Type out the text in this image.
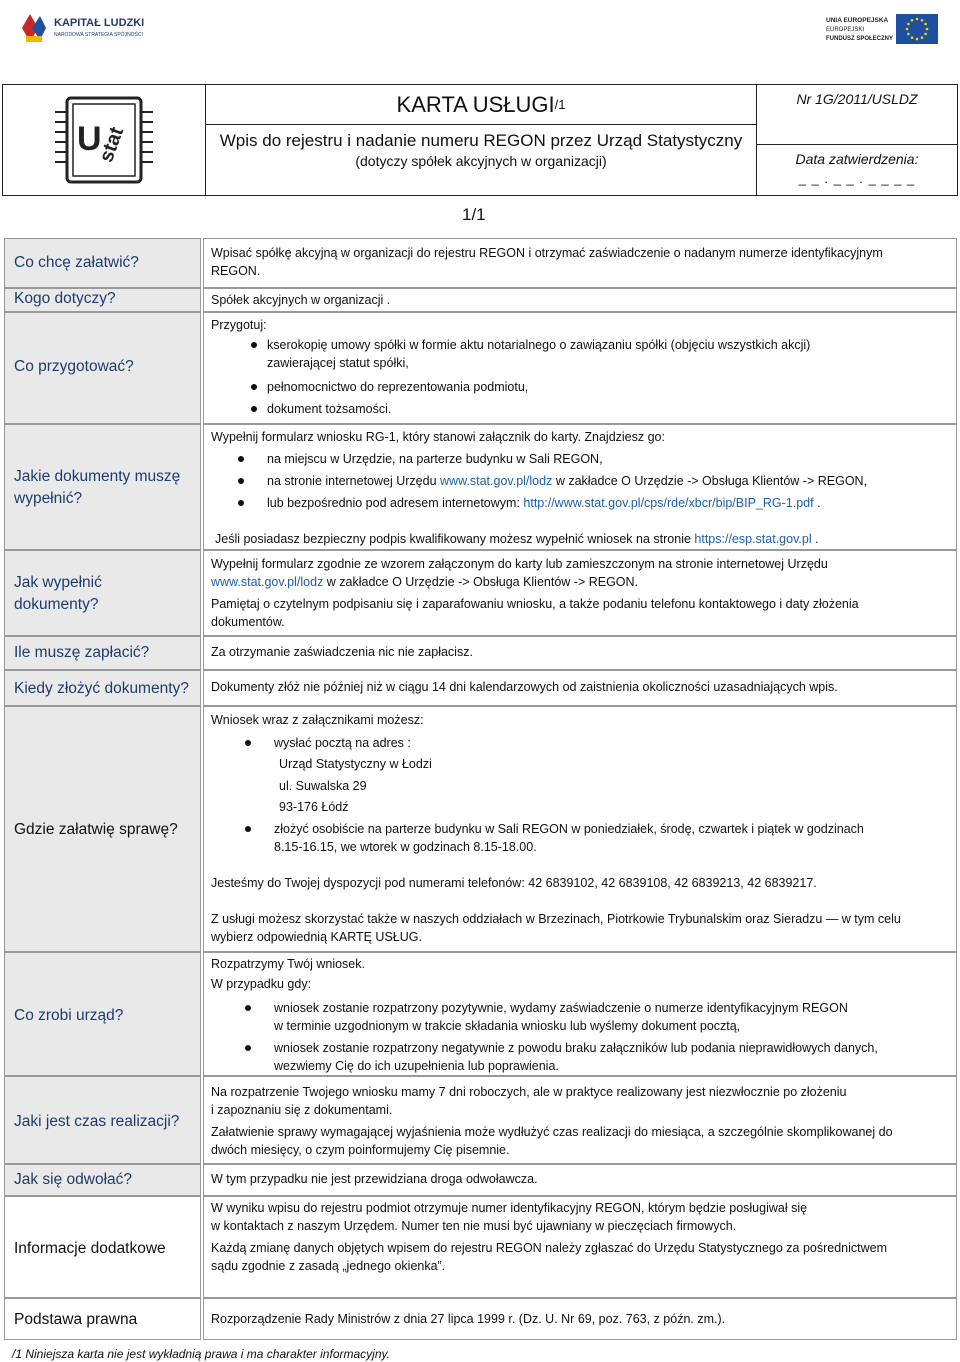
KAPITAŁ LUDZKI
NARODOWA STRATEGIA SPÓJNOŚCI
UNIA EUROPEJSKA
EUROPEJSKI
FUNDUSZ SPOŁECZNY
U
stat
KARTA USŁUGI /1
Wpis do rejestru i nadanie numeru REGON przez Urząd Statystyczny
(dotyczy spółek akcyjnych w organizacji)
Nr 1G/2011/USLDZ
Data zatwierdzenia:
_ _ . _ _ . _ _ _ _
1/1
Co chcę załatwić?
Kogo dotyczy?
Co przygotować?
Jakie dokumenty muszę
wypełnić?
Jak wypełnić
dokumenty?
Ile muszę zapłacić?
Kiedy złożyć dokumenty?
Gdzie załatwię sprawę?
Co zrobi urząd?
Jaki jest czas realizacji?
Jak się odwołać?
Informacje dodatkowe
Podstawa prawna
Wpisać spółkę akcyjną w organizacji do rejestru REGON i otrzymać zaświadczenie o nadanym numerze identyfikacyjnym
REGON.
Spółek akcyjnych w organizacji .
Przygotuj:
kserokopię umowy spółki w formie aktu notarialnego o zawiązaniu spółki (objęciu wszystkich akcji)
zawierającej statut spółki,
pełnomocnictwo do reprezentowania podmiotu,
dokument tożsamości.
Wypełnij formularz wniosku RG-1, który stanowi załącznik do karty. Znajdziesz go:
na miejscu w Urzędzie, na parterze budynku w Sali REGON,
na stronie internetowej Urzędu www.stat.gov.pl/lodz w zakładce O Urzędzie -> Obsługa Klientów -> REGON,
lub bezpośrednio pod adresem internetowym: http://www.stat.gov.pl/cps/rde/xbcr/bip/BIP_RG-1.pdf .
Jeśli posiadasz bezpieczny podpis kwalifikowany możesz wypełnić wniosek na stronie https://esp.stat.gov.pl .
Wypełnij formularz zgodnie ze wzorem załączonym do karty lub zamieszczonym na stronie internetowej Urzędu
www.stat.gov.pl/lodz w zakładce O Urzędzie -> Obsługa Klientów -> REGON.
Pamiętaj o czytelnym podpisaniu się i zaparafowaniu wniosku, a także podaniu telefonu kontaktowego i daty złożenia
dokumentów.
Za otrzymanie zaświadczenia nic nie zapłacisz.
Dokumenty złóż nie później niż w ciągu 14 dni kalendarzowych od zaistnienia okoliczności uzasadniających wpis.
Wniosek wraz z załącznikami możesz:
wysłać pocztą na adres :
Urząd Statystyczny w Łodzi
ul. Suwalska 29
93-176 Łódź
złożyć osobiście na parterze budynku w Sali REGON w poniedziałek, środę, czwartek i piątek w godzinach
8.15-16.15, we wtorek w godzinach 8.15-18.00.
Jesteśmy do Twojej dyspozycji pod numerami telefonów: 42 6839102, 42 6839108, 42 6839213, 42 6839217.
Z usługi możesz skorzystać także w naszych oddziałach w Brzezinach, Piotrkowie Trybunalskim oraz Sieradzu — w tym celu
wybierz odpowiednią KARTĘ USŁUG.
Rozpatrzymy Twój wniosek.
W przypadku gdy:
wniosek zostanie rozpatrzony pozytywnie, wydamy zaświadczenie o numerze identyfikacyjnym REGON
w terminie uzgodnionym w trakcie składania wniosku lub wyślemy dokument pocztą,
wniosek zostanie rozpatrzony negatywnie z powodu braku załączników lub podania nieprawidłowych danych,
wezwiemy Cię do ich uzupełnienia lub poprawienia.
Na rozpatrzenie Twojego wniosku mamy 7 dni roboczych, ale w praktyce realizowany jest niezwłocznie po złożeniu
i zapoznaniu się z dokumentami.
Załatwienie sprawy wymagającej wyjaśnienia może wydłużyć czas realizacji do miesiąca, a szczególnie skomplikowanej do
dwóch miesięcy, o czym poinformujemy Cię pisemnie.
W tym przypadku nie jest przewidziana droga odwoławcza.
W wyniku wpisu do rejestru podmiot otrzymuje numer identyfikacyjny REGON, którym będzie posługiwał się
w kontaktach z naszym Urzędem. Numer ten nie musi być ujawniany w pieczęciach firmowych.
Każdą zmianę danych objętych wpisem do rejestru REGON należy zgłaszać do Urzędu Statystycznego za pośrednictwem
sądu zgodnie z zasadą „jednego okienka”.
Rozporządzenie Rady Ministrów z dnia 27 lipca 1999 r. (Dz. U. Nr 69, poz. 763, z późn. zm.).
/1 Niniejsza karta nie jest wykładnią prawa i ma charakter informacyjny.
